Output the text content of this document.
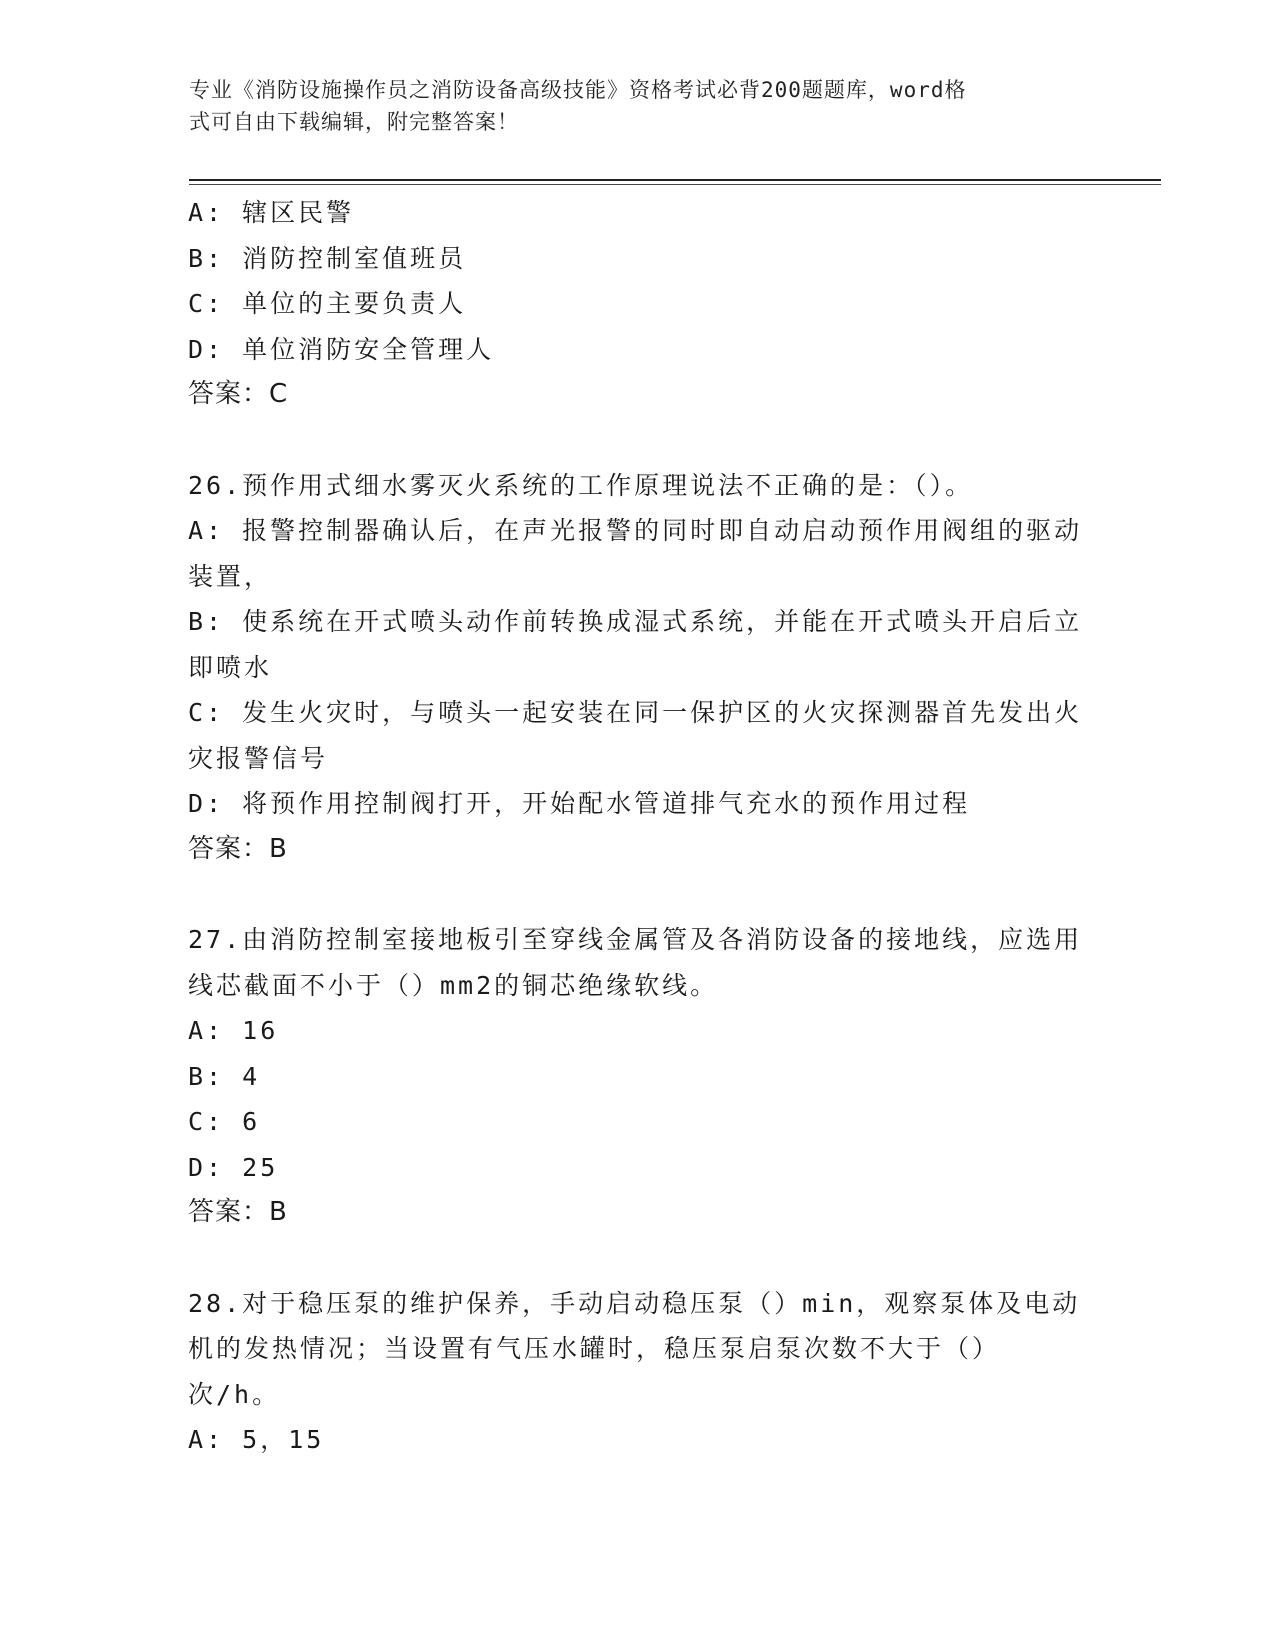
专业《消防设施操作员之消防设备高级技能》资格考试必背200题题库，word格
式可自由下载编辑，附完整答案！

A: 辖区民警

B: 消防控制室值班员

C: 单位的主要负责人

D: 单位消防安全管理人

答案：C

26.预作用式细水雾灭火系统的工作原理说法不正确的是：（）。

A: 报警控制器确认后，在声光报警的同时即自动启动预作用阀组的驱动装置，

B: 使系统在开式喷头动作前转换成湿式系统，并能在开式喷头开启后立即喷水

C: 发生火灾时，与喷头一起安装在同一保护区的火灾探测器首先发出火灾报警信号

D: 将预作用控制阀打开，开始配水管道排气充水的预作用过程

答案：B

27.由消防控制室接地板引至穿线金属管及各消防设备的接地线，应选用线芯截面不小于（）mm2的铜芯绝缘软线。

A: 16

B: 4

C: 6

D: 25

答案：B

28.对于稳压泵的维护保养，手动启动稳压泵（）min，观察泵体及电动机的发热情况；当设置有气压水罐时，稳压泵启泵次数不大于（）次/h。

A: 5，15
